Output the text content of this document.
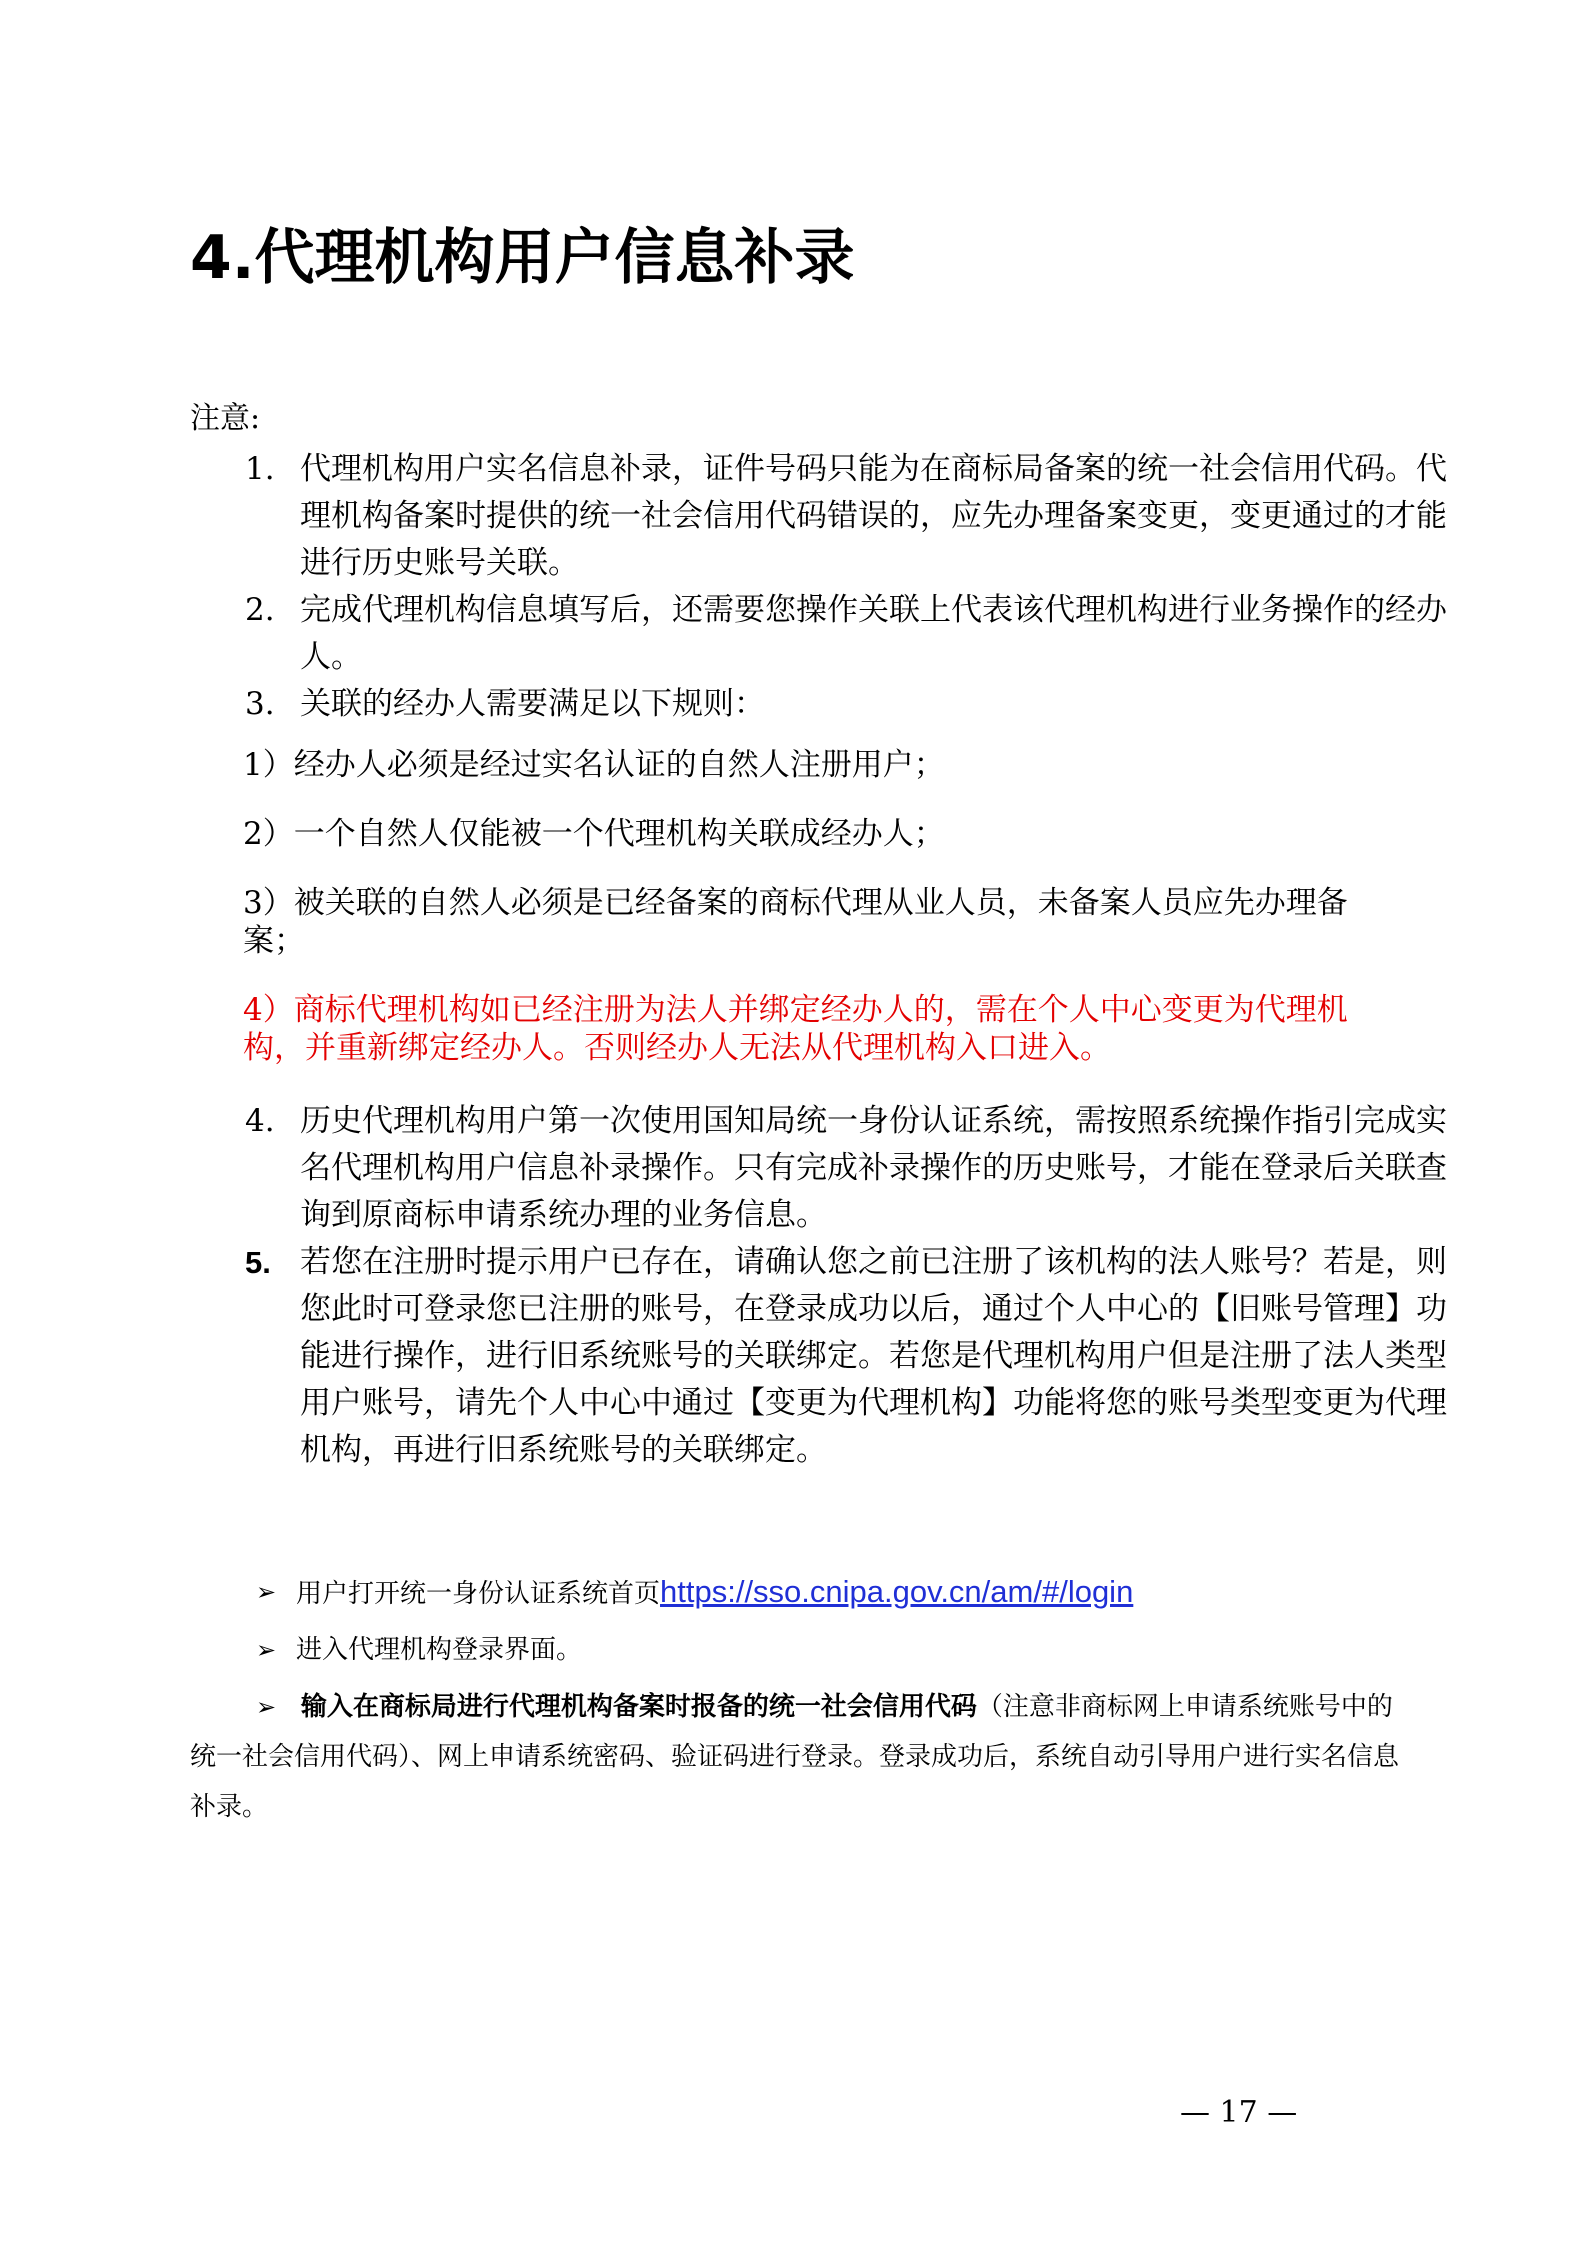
4.代理机构用户信息补录

注意:

1. 代理机构用户实名信息补录，证件号码只能为在商标局备案的统一社会信用代码。代理机构备案时提供的统一社会信用代码错误的，应先办理备案变更，变更通过的才能进行历史账号关联。

2. 完成代理机构信息填写后，还需要您操作关联上代表该代理机构进行业务操作的经办人。

3. 关联的经办人需要满足以下规则：

1）经办人必须是经过实名认证的自然人注册用户；

2）一个自然人仅能被一个代理机构关联成经办人；

3）被关联的自然人必须是已经备案的商标代理从业人员，未备案人员应先办理备案；

4）商标代理机构如已经注册为法人并绑定经办人的，需在个人中心变更为代理机构，并重新绑定经办人。否则经办人无法从代理机构入口进入。

4. 历史代理机构用户第一次使用国知局统一身份认证系统，需按照系统操作指引完成实名代理机构用户信息补录操作。只有完成补录操作的历史账号，才能在登录后关联查询到原商标申请系统办理的业务信息。

5. 若您在注册时提示用户已存在，请确认您之前已注册了该机构的法人账号？若是，则您此时可登录您已注册的账号，在登录成功以后，通过个人中心的【旧账号管理】功能进行操作，进行旧系统账号的关联绑定。若您是代理机构用户但是注册了法人类型用户账号，请先个人中心中通过【变更为代理机构】功能将您的账号类型变更为代理机构，再进行旧系统账号的关联绑定。

➢ 用户打开统一身份认证系统首页https://sso.cnipa.gov.cn/am/#/login

➢ 进入代理机构登录界面。

➢ 输入在商标局进行代理机构备案时报备的统一社会信用代码（注意非商标网上申请系统账号中的统一社会信用代码）、网上申请系统密码、验证码进行登录。登录成功后，系统自动引导用户进行实名信息补录。

— 17 —
